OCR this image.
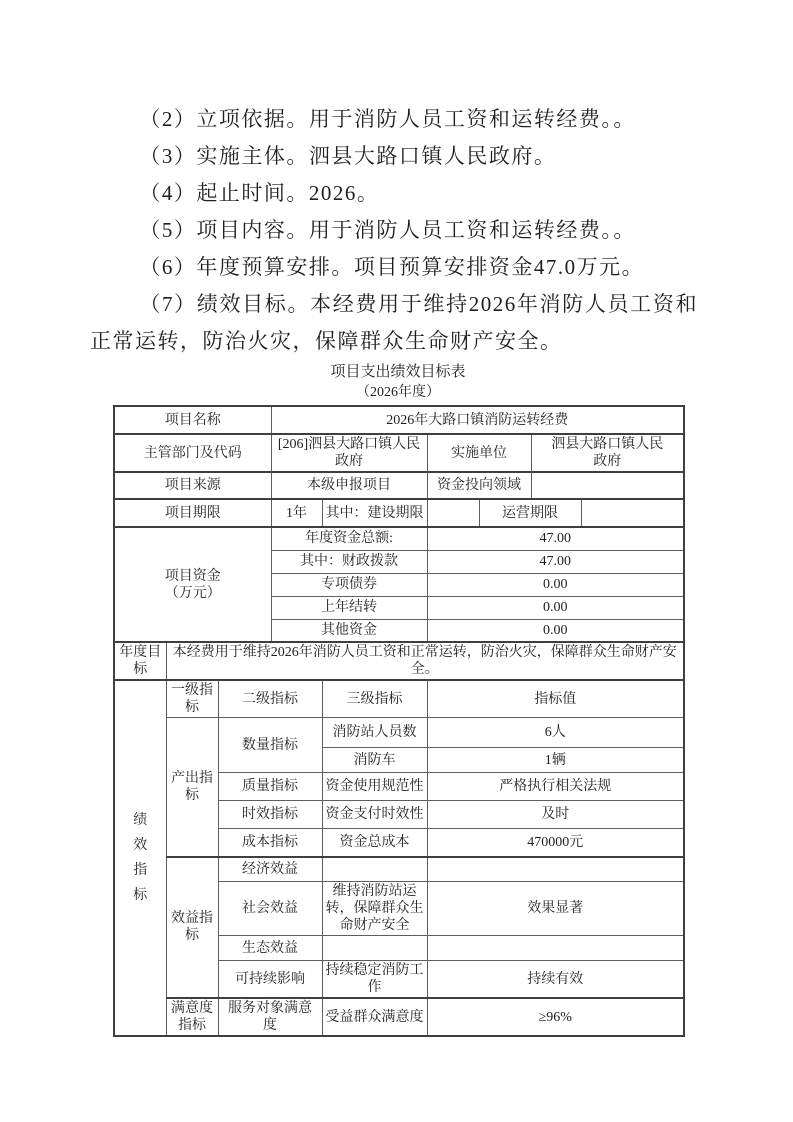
（2）立项依据。用于消防人员工资和运转经费。。

（3）实施主体。泗县大路口镇人民政府。

（4）起止时间。2026。

（5）项目内容。用于消防人员工资和运转经费。。

（6）年度预算安排。项目预算安排资金47.0万元。

（7）绩效目标。本经费用于维持2026年消防人员工资和正常运转，防治火灾，保障群众生命财产安全。

项目支出绩效目标表
（2026年度）
项目名称			2026年大路口镇消防运转经费					
主管部门及代码			[206]泗县大路口镇人民政府		实施单位		泗县大路口镇人民政府	
项目来源			本级申报项目		资金投向领域			
项目期限			1年	其中：建设期限		运营期限		

项目资金
（万元）			年度资金总额:		47.00			
			其中：财政拨款		47.00			
			专项债券		0.00			
			上年结转		0.00			
			其他资金		0.00			
年度目标	本经费用于维持2026年消防人员工资和正常运转，防治火灾，保障群众生命财产安全。							

绩效指标	一级指标	二级指标		三级指标	指标值			
	产出指标	数量指标		消防站人员数	6人			
				消防车	1辆			
		质量指标		资金使用规范性	严格执行相关法规			
		时效指标		资金支付时效性	及时			
		成本指标		资金总成本	470000元			
	效益指标	经济效益						
		社会效益		维持消防站运转，保障群众生命财产安全	效果显著			
		生态效益						
		可持续影响		持续稳定消防工作	持续有效			
	满意度指标	服务对象满意度		受益群众满意度	≥96%			
